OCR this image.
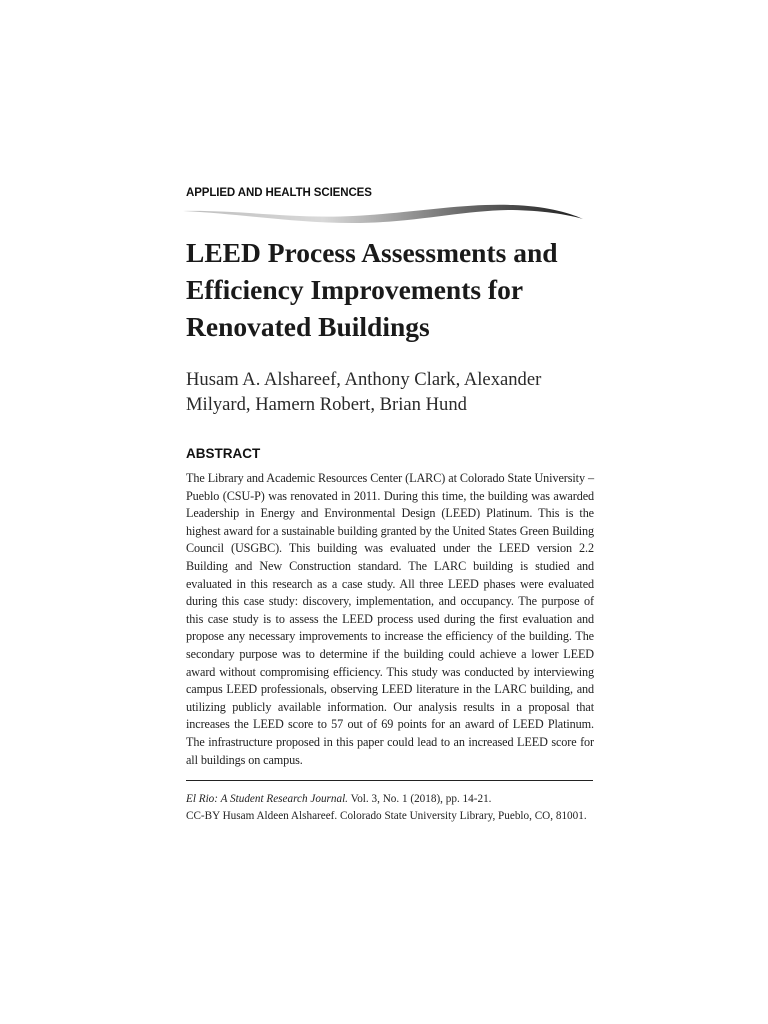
APPLIED AND HEALTH SCIENCES
LEED Process Assessments and Efficiency Improvements for Renovated Buildings

Husam A. Alshareef, Anthony Clark, Alexander Milyard, Hamern Robert, Brian Hund

ABSTRACT

The Library and Academic Resources Center (LARC) at Colorado State University – Pueblo (CSU-P) was renovated in 2011. During this time, the building was awarded Leadership in Energy and Environmental Design (LEED) Platinum. This is the highest award for a sustainable building granted by the United States Green Building Council (USGBC). This building was evaluated under the LEED version 2.2 Building and New Construction standard. The LARC building is studied and evaluated in this research as a case study. All three LEED phases were evaluated during this case study: discovery, implementation, and occupancy. The purpose of this case study is to assess the LEED process used during the first evaluation and propose any necessary improvements to increase the efficiency of the building. The secondary purpose was to determine if the building could achieve a lower LEED award without compromising efficiency. This study was conducted by interviewing campus LEED professionals, observing LEED literature in the LARC building, and utilizing publicly available information. Our analysis results in a proposal that increases the LEED score to 57 out of 69 points for an award of LEED Platinum. The infrastructure proposed in this paper could lead to an increased LEED score for all buildings on campus.

El Rio: A Student Research Journal. Vol. 3, No. 1 (2018), pp. 14-21.
CC-BY Husam Aldeen Alshareef. Colorado State University Library, Pueblo, CO, 81001.
